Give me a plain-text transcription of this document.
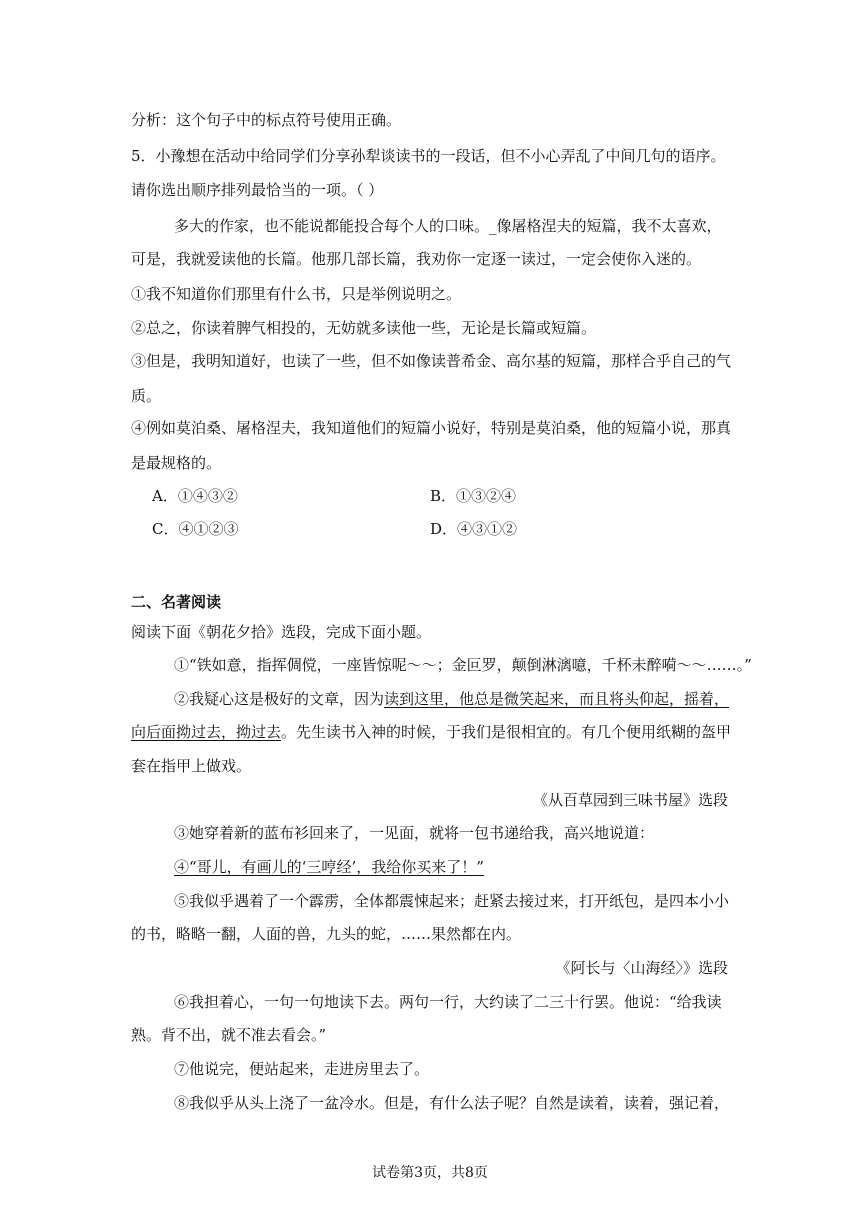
分析：这个句子中的标点符号使用正确。
5．小豫想在活动中给同学们分享孙犁谈读书的一段话，但不小心弄乱了中间几句的语序。
请你选出顺序排列最恰当的一项。（ ）
多大的作家，也不能说都能投合每个人的口味。_像屠格涅夫的短篇，我不太喜欢，
可是，我就爱读他的长篇。他那几部长篇，我劝你一定逐一读过，一定会使你入迷的。
①我不知道你们那里有什么书，只是举例说明之。
②总之，你读着脾气相投的，无妨就多读他一些，无论是长篇或短篇。
③但是，我明知道好，也读了一些，但不如像读普希金、高尔基的短篇，那样合乎自己的气
质。
④例如莫泊桑、屠格涅夫，我知道他们的短篇小说好，特别是莫泊桑，他的短篇小说，那真
是最规格的。
A．①④③②	B．①③②④
C．④①②③	D．④③①②
二、名著阅读
阅读下面《朝花夕拾》选段，完成下面小题。
①“铁如意，指挥倜傥，一座皆惊呢～～；金叵罗，颠倒淋漓噫，千杯未醉嗬～～……。”
②我疑心这是极好的文章，因为读到这里，他总是微笑起来，而且将头仰起，摇着，
向后面拗过去，拗过去。先生读书入神的时候，于我们是很相宜的。有几个便用纸糊的盔甲
套在指甲上做戏。
《从百草园到三味书屋》选段
③她穿着新的蓝布衫回来了，一见面，就将一包书递给我，高兴地说道：
④“哥儿，有画儿的‘三哼经’，我给你买来了！”
⑤我似乎遇着了一个霹雳，全体都震悚起来；赶紧去接过来，打开纸包，是四本小小
的书，略略一翻，人面的兽，九头的蛇，……果然都在内。
《阿长与〈山海经〉》选段
⑥我担着心，一句一句地读下去。两句一行，大约读了二三十行罢。他说：“给我读
熟。背不出，就不准去看会。”
⑦他说完，便站起来，走进房里去了。
⑧我似乎从头上浇了一盆冷水。但是，有什么法子呢？自然是读着，读着，强记着，
试卷第3页，共8页
